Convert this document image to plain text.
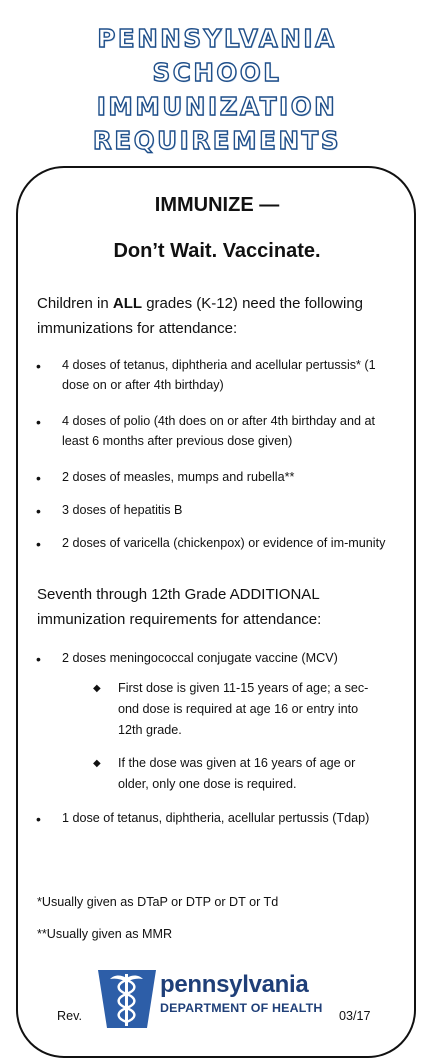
PENNSYLVANIA
SCHOOL
IMMUNIZATION
REQUIREMENTS
IMMUNIZE —
Don’t Wait. Vaccinate.
Children in ALL grades (K-12) need the following immunizations for attendance:
• 4 doses of tetanus, diphtheria and acellular pertussis* (1 dose on or after 4th birthday)
• 4 doses of polio (4th does on or after 4th birthday and at least 6 months after previous dose given)
• 2 doses of measles, mumps and rubella**
• 3 doses of hepatitis B
• 2 doses of varicella (chickenpox) or evidence of im-munity
Seventh through 12th Grade ADDITIONAL immunization requirements for attendance:
• 2 doses meningococcal conjugate vaccine (MCV)
◆ First dose is given 11-15 years of age; a sec-ond dose is required at age 16 or entry into 12th grade.
◆ If the dose was given at 16 years of age or older, only one dose is required.
• 1 dose of tetanus, diphtheria, acellular pertussis (Tdap)
*Usually given as DTaP or DTP or DT or Td
**Usually given as MMR
pennsylvania
DEPARTMENT OF HEALTH
Rev.	03/17
